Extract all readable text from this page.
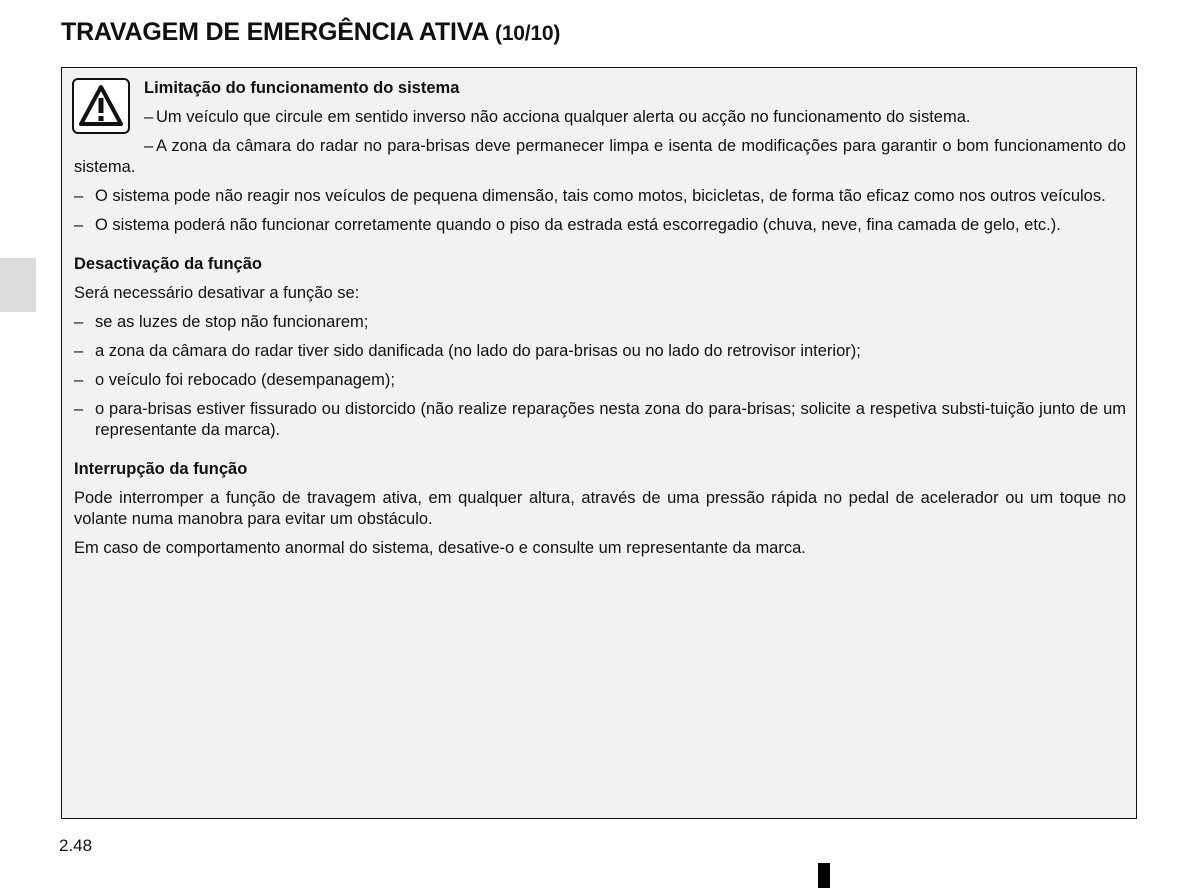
TRAVAGEM DE EMERGÊNCIA ATIVA (10/10)
Limitação do funcionamento do sistema
– Um veículo que circule em sentido inverso não acciona qualquer alerta ou acção no funcionamento do sistema.
– A zona da câmara do radar no para-brisas deve permanecer limpa e isenta de modificações para garantir o bom funcionamento do sistema.
– O sistema pode não reagir nos veículos de pequena dimensão, tais como motos, bicicletas, de forma tão eficaz como nos outros veículos.
– O sistema poderá não funcionar corretamente quando o piso da estrada está escorregadio (chuva, neve, fina camada de gelo, etc.).
Desactivação da função
Será necessário desativar a função se:
– se as luzes de stop não funcionarem;
– a zona da câmara do radar tiver sido danificada (no lado do para-brisas ou no lado do retrovisor interior);
– o veículo foi rebocado (desempanagem);
– o para-brisas estiver fissurado ou distorcido (não realize reparações nesta zona do para-brisas; solicite a respetiva substi-tuição junto de um representante da marca).
Interrupção da função
Pode interromper a função de travagem ativa, em qualquer altura, através de uma pressão rápida no pedal de acelerador ou um toque no volante numa manobra para evitar um obstáculo.
Em caso de comportamento anormal do sistema, desative-o e consulte um representante da marca.
2.48
